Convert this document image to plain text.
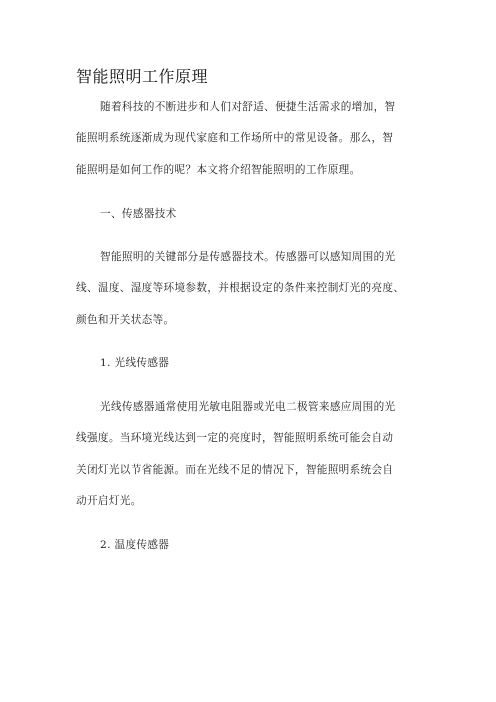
智能照明工作原理
随着科技的不断进步和人们对舒适、便捷生活需求的增加，智
能照明系统逐渐成为现代家庭和工作场所中的常见设备。那么，智
能照明是如何工作的呢？本文将介绍智能照明的工作原理。
一、传感器技术
智能照明的关键部分是传感器技术。传感器可以感知周围的光
线、温度、湿度等环境参数，并根据设定的条件来控制灯光的亮度、
颜色和开关状态等。
1. 光线传感器
光线传感器通常使用光敏电阻器或光电二极管来感应周围的光
线强度。当环境光线达到一定的亮度时，智能照明系统可能会自动
关闭灯光以节省能源。而在光线不足的情况下，智能照明系统会自
动开启灯光。
2. 温度传感器
